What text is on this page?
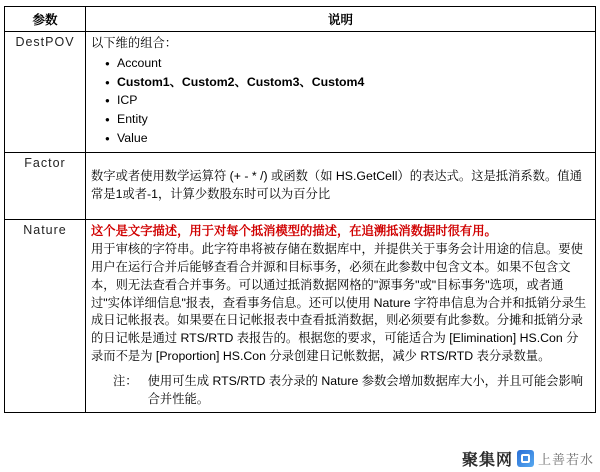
参数	说明
DestPOV	以下维的组合：

● Account
● Custom1、Custom2、Custom3、Custom4
● ICP
● Entity
● Value

Factor	数字或者使用数学运算符 (+ - * /) 或函数（如 HS.GetCell）的表达式。这是抵消系数。值通常是1或者-1，计算少数股东时可以为百分比

Nature	这个是文字描述，用于对每个抵消模型的描述，在追溯抵消数据时很有用。

用于审核的字符串。此字符串将被存储在数据库中，并提供关于事务会计用途的信息。要使用户在运行合并后能够查看合并源和目标事务，必须在此参数中包含文本。如果不包含文本，则无法查看合并事务。可以通过抵消数据网格的"源事务"或"目标事务"选项，或者通过"实体详细信息"报表，查看事务信息。还可以使用 Nature 字符串信息为合并和抵销分录生成日记帐报表。如果要在日记帐报表中查看抵消数据，则必须要有此参数。分摊和抵销分录的日记帐是通过 RTS/RTD 表报告的。根据您的要求，可能适合为 [Elimination] HS.Con 分录而不是为 [Proportion] HS.Con 分录创建日记帐数据，减少 RTS/RTD 表分录数量。

注： 使用可生成 RTS/RTD 表分录的 Nature 参数会增加数据库大小，并且可能会影响合并性能。
聚集网 上善若水
